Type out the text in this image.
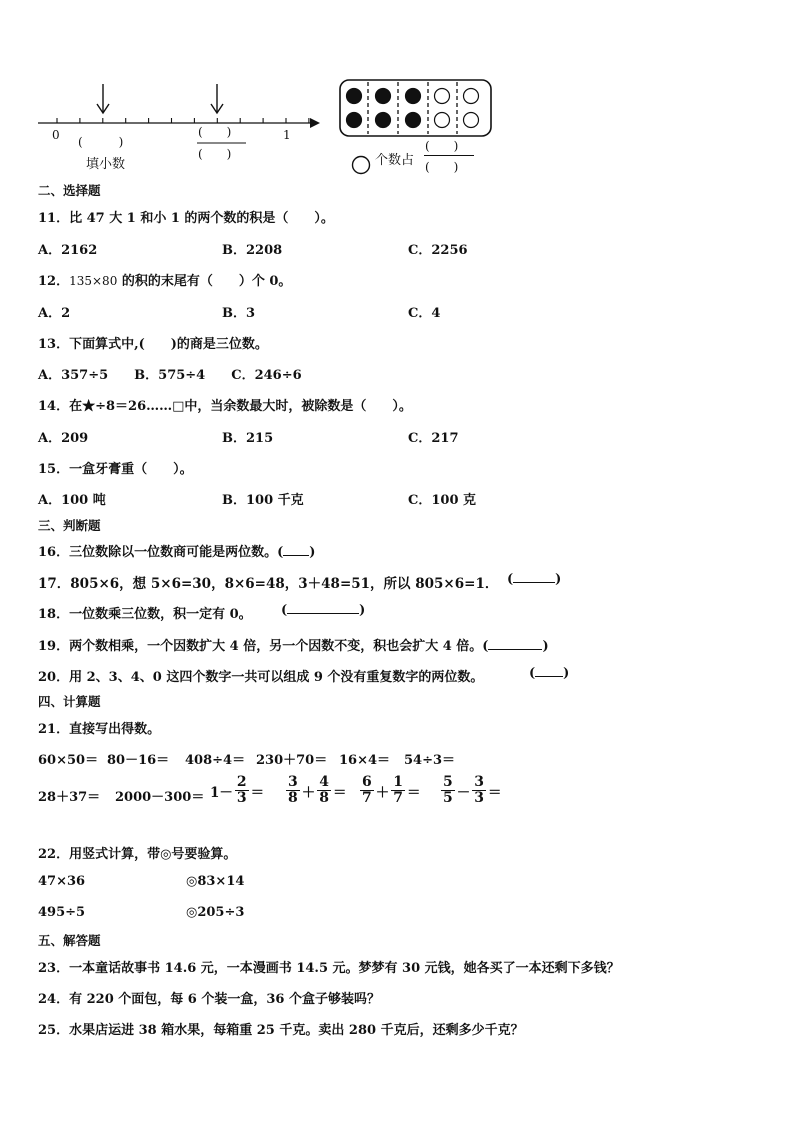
0	1
(　　　)
(　　)
(　　)
填小数	个数占
(　　)
(　　)
二、选择题
11．比 47 大 1 和小 1 的两个数的积是（　　）。
A．2162	B．2208	C．2256
12．135×80 的积的末尾有（　　）个 0。
A．2	B．3	C．4
13．下面算式中,(　　)的商是三位数。
A．357÷5　　B．575÷4　　C．246÷6
14．在★÷8＝26……□中，当余数最大时，被除数是（　　）。
A．209	B．215	C．217
15．一盒牙膏重（　　）。
A．100 吨	B．100 千克	C．100 克
三、判断题
16．三位数除以一位数商可能是两位数。( )
17．805×6，想 5×6=30，8×6=48，3＋48=51，所以 805×6=1． (	)
18．一位数乘三位数，积一定有 0。 (	)
19．两个数相乘，一个因数扩大 4 倍，另一个因数不变，积也会扩大 4 倍。(	)
20．用 2、3、4、0 这四个数字一共可以组成 9 个没有重复数字的两位数。	( )
四、计算题
21．直接写出得数。
60×50＝ 80－16＝ 408÷4＝ 230＋70＝ 16×4＝ 54÷3＝
$28+37= 2000-300= 1- \frac{2}{3} = \frac{3}{8} + \frac{4}{8} = \frac{6}{7} + \frac{1}{7} = \frac{5}{5} - \frac{3}{3}$ ＝
22．用竖式计算，带◎号要验算。
47×36	◎83×14
495÷5	◎205÷3
五、解答题
23．一本童话故事书 14.6 元，一本漫画书 14.5 元。梦梦有 30 元钱，她各买了一本还剩下多钱？
24．有 220 个面包，每 6 个装一盒，36 个盒子够装吗？
25．水果店运进 38 箱水果，每箱重 25 千克。卖出 280 千克后，还剩多少千克？
